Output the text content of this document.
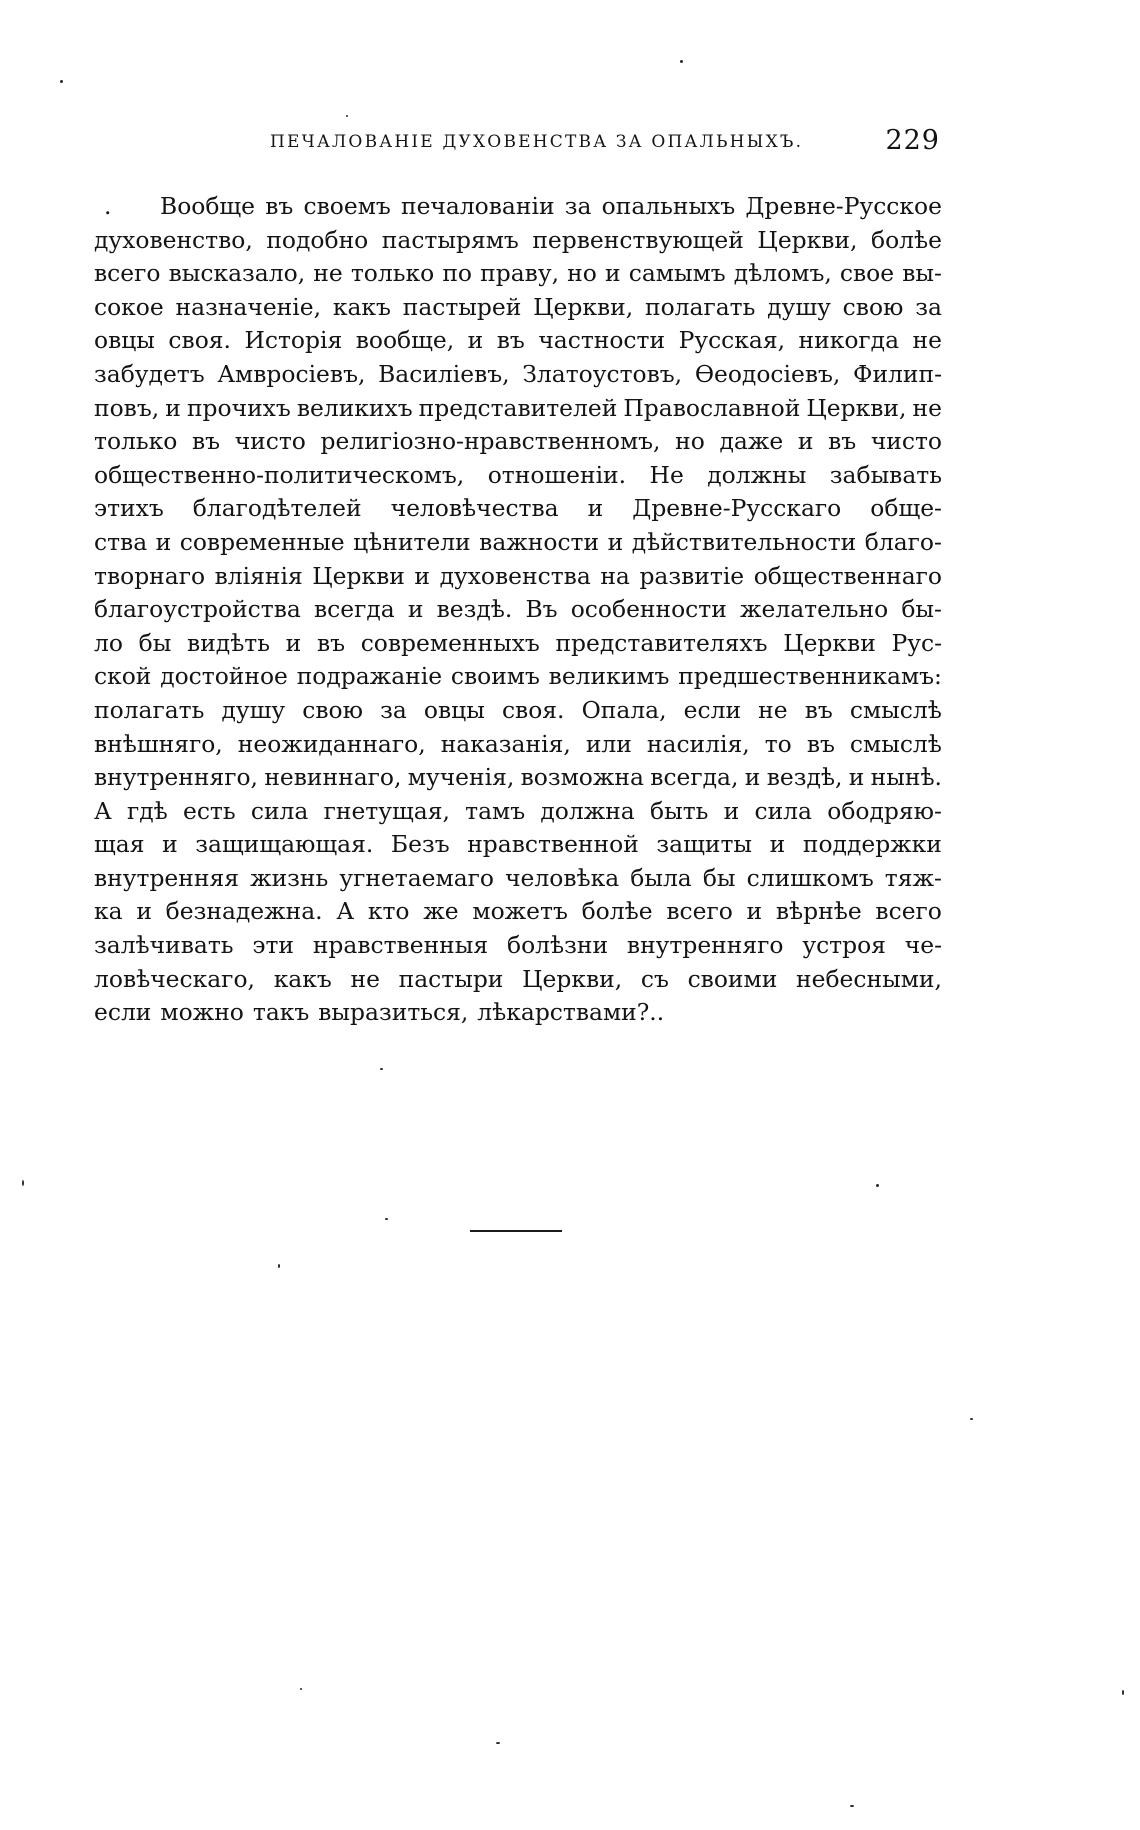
ПЕЧАЛОВАНІЕ ДУХОВЕНСТВА ЗА ОПАЛЬНЫХЪ.	229
. Вообще въ своемъ печалованіи за опальныхъ Древне-Русское
духовенство, подобно пастырямъ первенствующей Церкви, болѣе
всего высказало, не только по праву, но и самымъ дѣломъ, свое вы-
сокое назначеніе, какъ пастырей Церкви, полагать душу свою за
овцы своя. Исторія вообще, и въ частности Русская, никогда не
забудетъ Амвросіевъ, Василіевъ, Златоустовъ, Ѳеодосіевъ, Филип-
повъ, и прочихъ великихъ представителей Православной Церкви, не
только въ чисто религіозно-нравственномъ, но даже и въ чисто
общественно-политическомъ, отношеніи. Не должны забывать
этихъ благодѣтелей человѣчества и Древне-Русскаго обще-
ства и современные цѣнители важности и дѣйствительности благо-
творнаго вліянія Церкви и духовенства на развитіе общественнаго
благоустройства всегда и вездѣ. Въ особенности желательно бы-
ло бы видѣть и въ современныхъ представителяхъ Церкви Рус-
ской достойное подражаніе своимъ великимъ предшественникамъ:
полагать душу свою за овцы своя. Опала, если не въ смыслѣ
внѣшняго, неожиданнаго, наказанія, или насилія, то въ смыслѣ
внутренняго, невиннаго, мученія, возможна всегда, и вездѣ, и нынѣ.
А гдѣ есть сила гнетущая, тамъ должна быть и сила ободряю-
щая и защищающая. Безъ нравственной защиты и поддержки
внутренняя жизнь угнетаемаго человѣка была бы слишкомъ тяж-
ка и безнадежна. А кто же можетъ болѣе всего и вѣрнѣе всего
залѣчивать эти нравственныя болѣзни внутренняго устроя че-
ловѣческаго, какъ не пастыри Церкви, съ своими небесными,
если можно такъ выразиться, лѣкарствами?..
